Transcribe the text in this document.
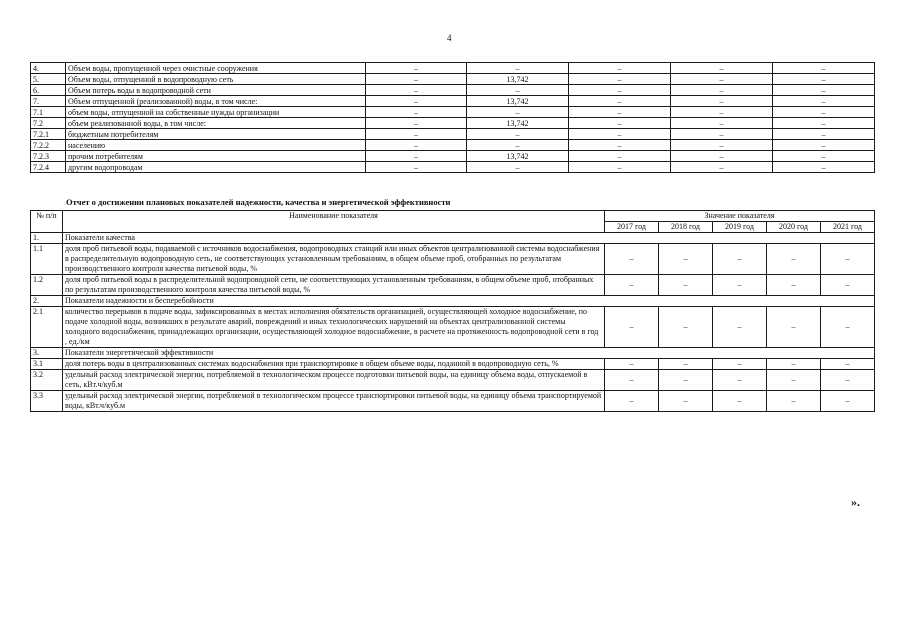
4
4.	Объем воды, пропущенной через очистные сооружения	–	–	–	–	–
5.	Объем воды, отпущенной в водопроводную сеть	–	13,742	–	–	–
6.	Объем потерь воды в водопроводной сети	–	–	–	–	–
7.	Объем отпущенной (реализованной) воды, в том числе:	–	13,742	–	–	–
7.1	объем воды, отпущенной на собственные нужды организации	–	–	–	–	–
7.2	объем реализованной воды, в том числе:	–	13,742	–	–	–
7.2.1	бюджетным потребителям	–	–	–	–	–
7.2.2	населению	–	–	–	–	–
7.2.3	прочим потребителям	–	13,742	–	–	–
7.2.4	другим водопроводам	–	–	–	–	–
Отчет о достижении плановых показателей надежности, качества и энергетической эффективности
№ п/п	Наименование показателя	Значение показателя				
		2017 год	2018 год	2019 год	2020 год	2021 год
1.	Показатели качества					
1.1	доля проб питьевой воды, подаваемой с источников водоснабжения, водопроводных станций или иных объектов централизованной системы водоснабжения в распределительную водопроводную сеть, не соответствующих установленным требованиям, в общем объеме проб, отобранных по результатам производственного контроля качества питьевой воды, %	–	–	–	–	–
1.2	доля проб питьевой воды в распределительной водопроводной сети, не соответствующих установленным требованиям, в общем объеме проб, отобранных по результатам производственного контроля качества питьевой воды, %	–	–	–	–	–
2.	Показатели надежности и бесперебойности					
2.1	количество перерывов в подаче воды, зафиксированных в местах исполнения обязательств организацией, осуществляющей холодное водоснабжение, по подаче холодной воды, возникших в результате аварий, повреждений и иных технологических нарушений на объектах централизованной системы холодного водоснабжения, принадлежащих организации, осуществляющей холодное водоснабжение, в расчете на протяженность водопроводной сети в год , ед./км	–	–	–	–	–
3.	Показатели энергетической эффективности					
3.1	доля потерь воды в централизованных системах водоснабжения при транспортировке в общем объеме воды, поданной в водопроводную сеть, %	–	–	–	–	–
3.2	удельный расход электрической энергии, потребляемой в технологическом процессе подготовки питьевой воды, на единицу объема воды, отпускаемой в сеть, кВт.ч/куб.м	–	–	–	–	–
3.3	удельный расход электрической энергии, потребляемой в технологическом процессе транспортировки питьевой воды, на единицу объема транспортируемой воды, кВт.ч/куб.м	–	–	–	–	–
».
